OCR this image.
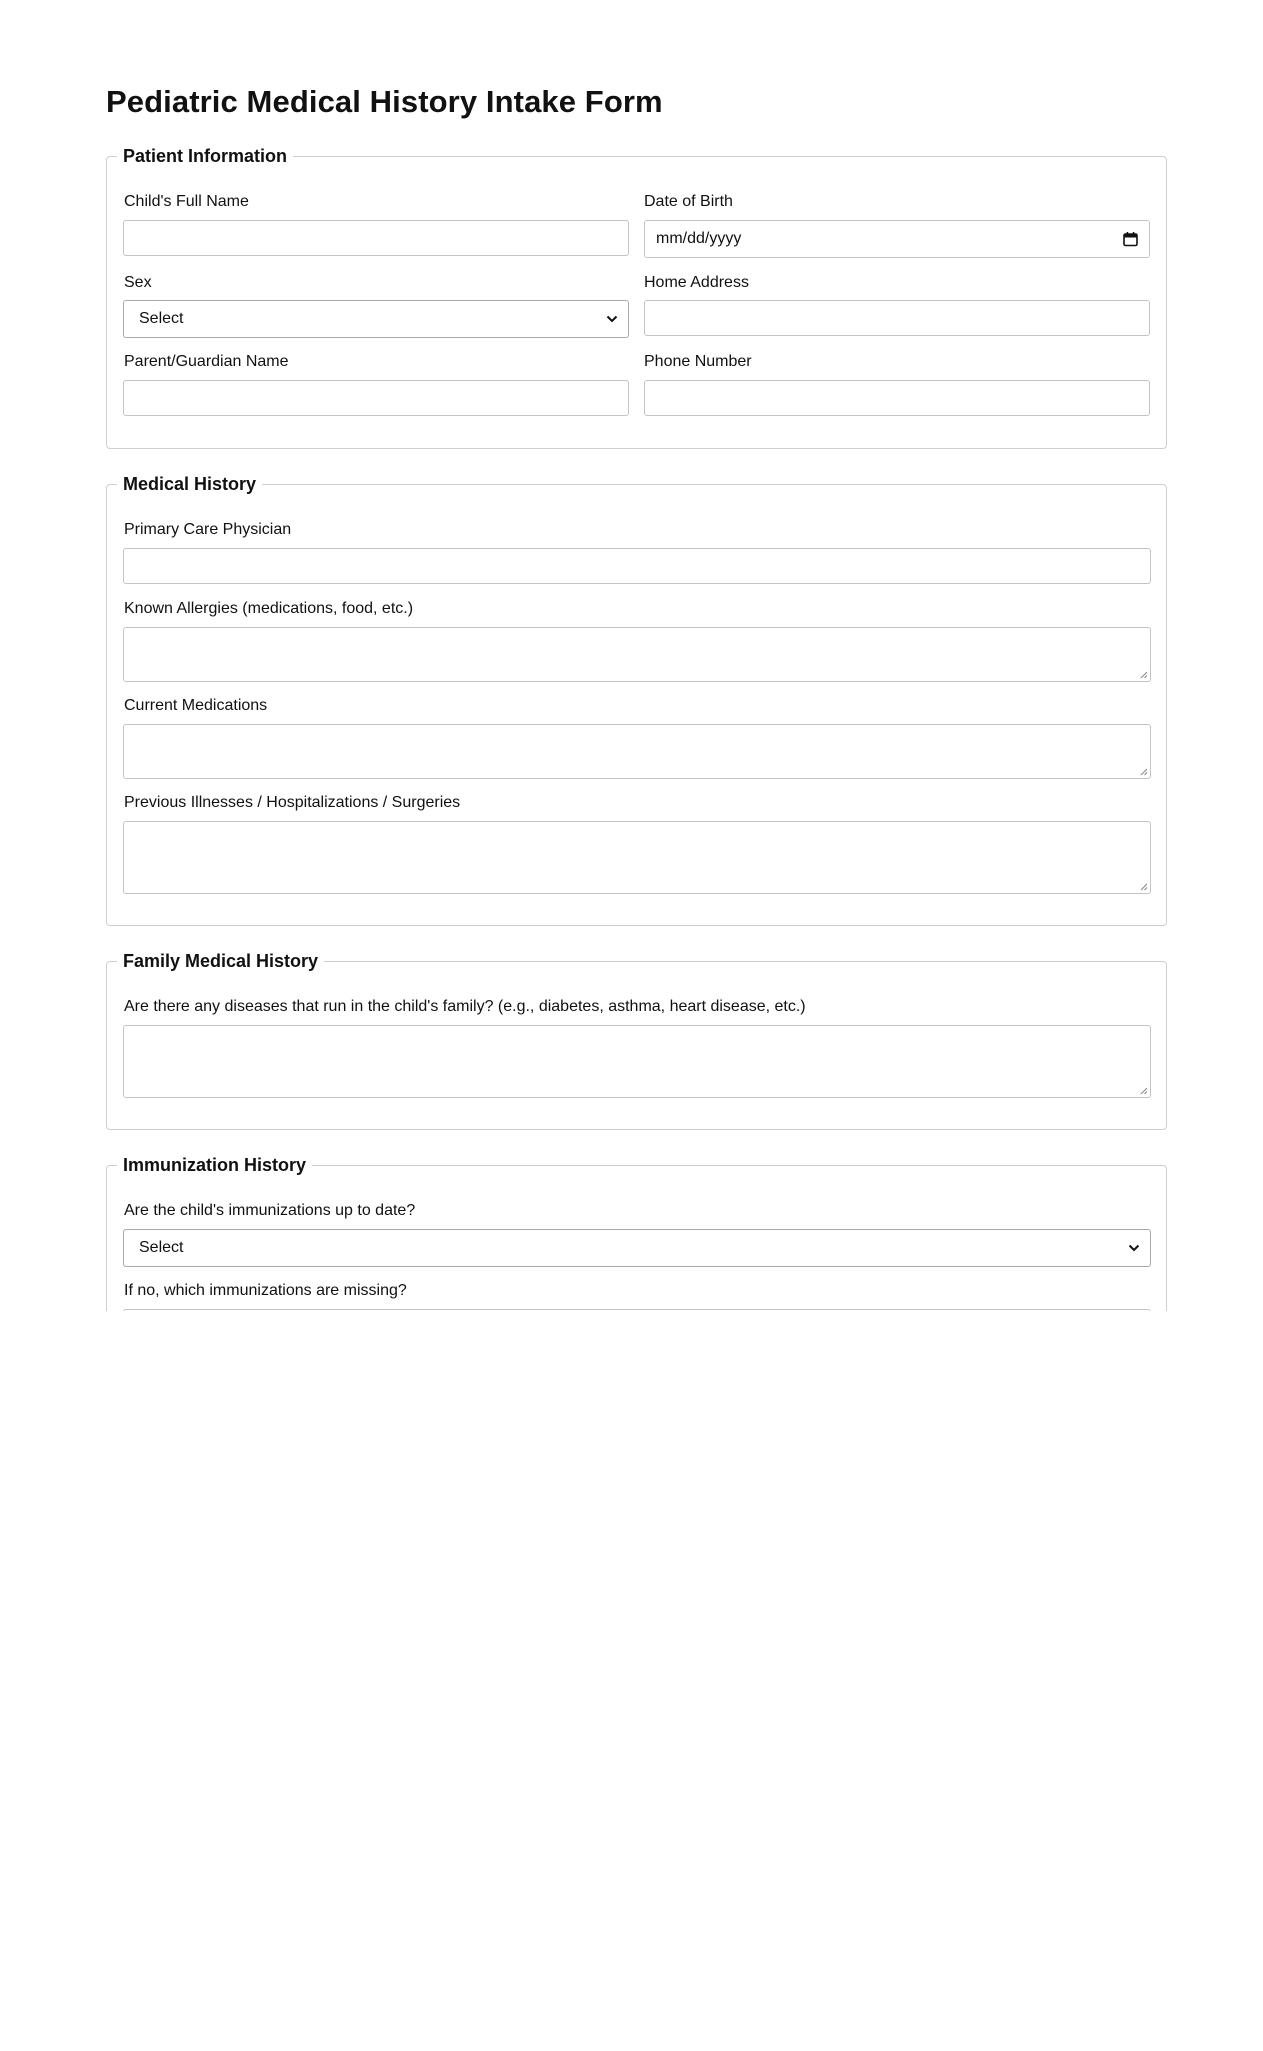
Pediatric Medical History Intake Form
Patient Information
Child's Full Name	Date of Birth
mm/dd/yyyy
Sex
Select
Home Address
Parent/Guardian Name	Phone Number
Medical History
Primary Care Physician
Known Allergies (medications, food, etc.)
Current Medications
Previous Illnesses / Hospitalizations / Surgeries
Family Medical History
Are there any diseases that run in the child's family? (e.g., diabetes, asthma, heart disease, etc.)
Immunization History
Are the child's immunizations up to date?
Select
If no, which immunizations are missing?
